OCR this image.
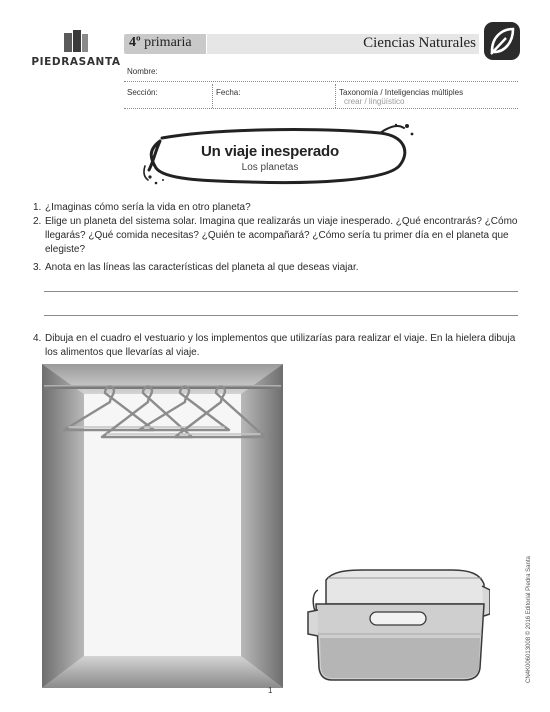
PIEDRASANTA
4º primaria	Ciencias Naturales
Nombre:
Sección:	Fecha:	Taxonomía / Inteligencias múltiples
crear / lingüístico
Un viaje inesperado
Los planetas
1. ¿Imaginas cómo sería la vida en otro planeta?
2. Elige un planeta del sistema solar. Imagina que realizarás un viaje inesperado. ¿Qué encontrarás? ¿Cómo llegarás? ¿Qué comida necesitas? ¿Quién te acompañará? ¿Cómo sería tu primer día en el planeta que elegiste?
3. Anota en las líneas las características del planeta al que deseas viajar.
4. Dibuja en el cuadro el vestuario y los implementos que utilizarías para realizar el viaje. En la hielera dibuja los alimentos que llevarías al viaje.
1
CN4K006013008 © 2016 Editorial Piedra Santa
